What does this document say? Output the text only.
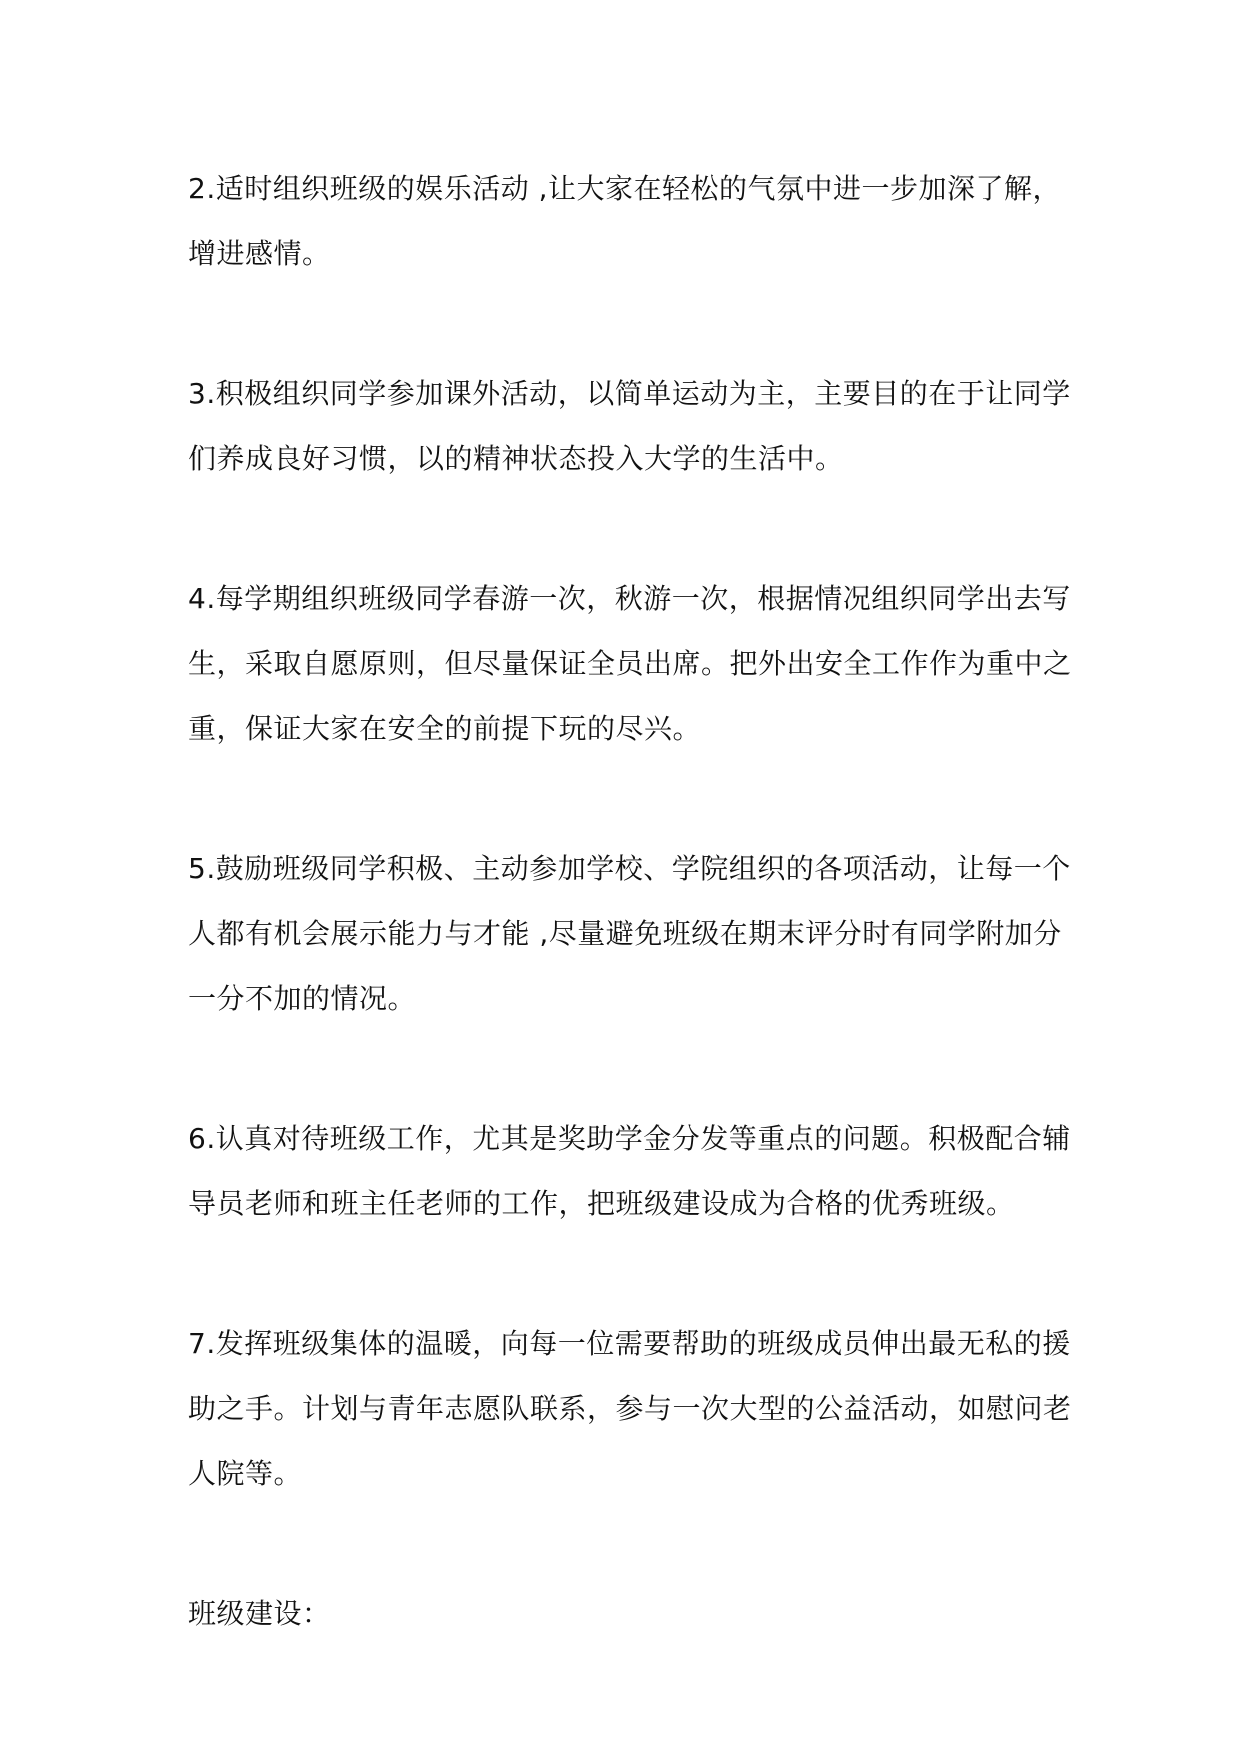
2.适时组织班级的娱乐活动 ,让大家在轻松的气氛中进一步加深了解，增进感情。

3.积极组织同学参加课外活动，以简单运动为主，主要目的在于让同学们养成良好习惯，以的精神状态投入大学的生活中。

4.每学期组织班级同学春游一次，秋游一次，根据情况组织同学出去写生，采取自愿原则，但尽量保证全员出席。把外出安全工作作为重中之重，保证大家在安全的前提下玩的尽兴。

5.鼓励班级同学积极、主动参加学校、学院组织的各项活动，让每一个人都有机会展示能力与才能 ,尽量避免班级在期末评分时有同学附加分一分不加的情况。

6.认真对待班级工作，尤其是奖助学金分发等重点的问题。积极配合辅导员老师和班主任老师的工作，把班级建设成为合格的优秀班级。

7.发挥班级集体的温暖，向每一位需要帮助的班级成员伸出最无私的援助之手。计划与青年志愿队联系，参与一次大型的公益活动，如慰问老人院等。

班级建设：
